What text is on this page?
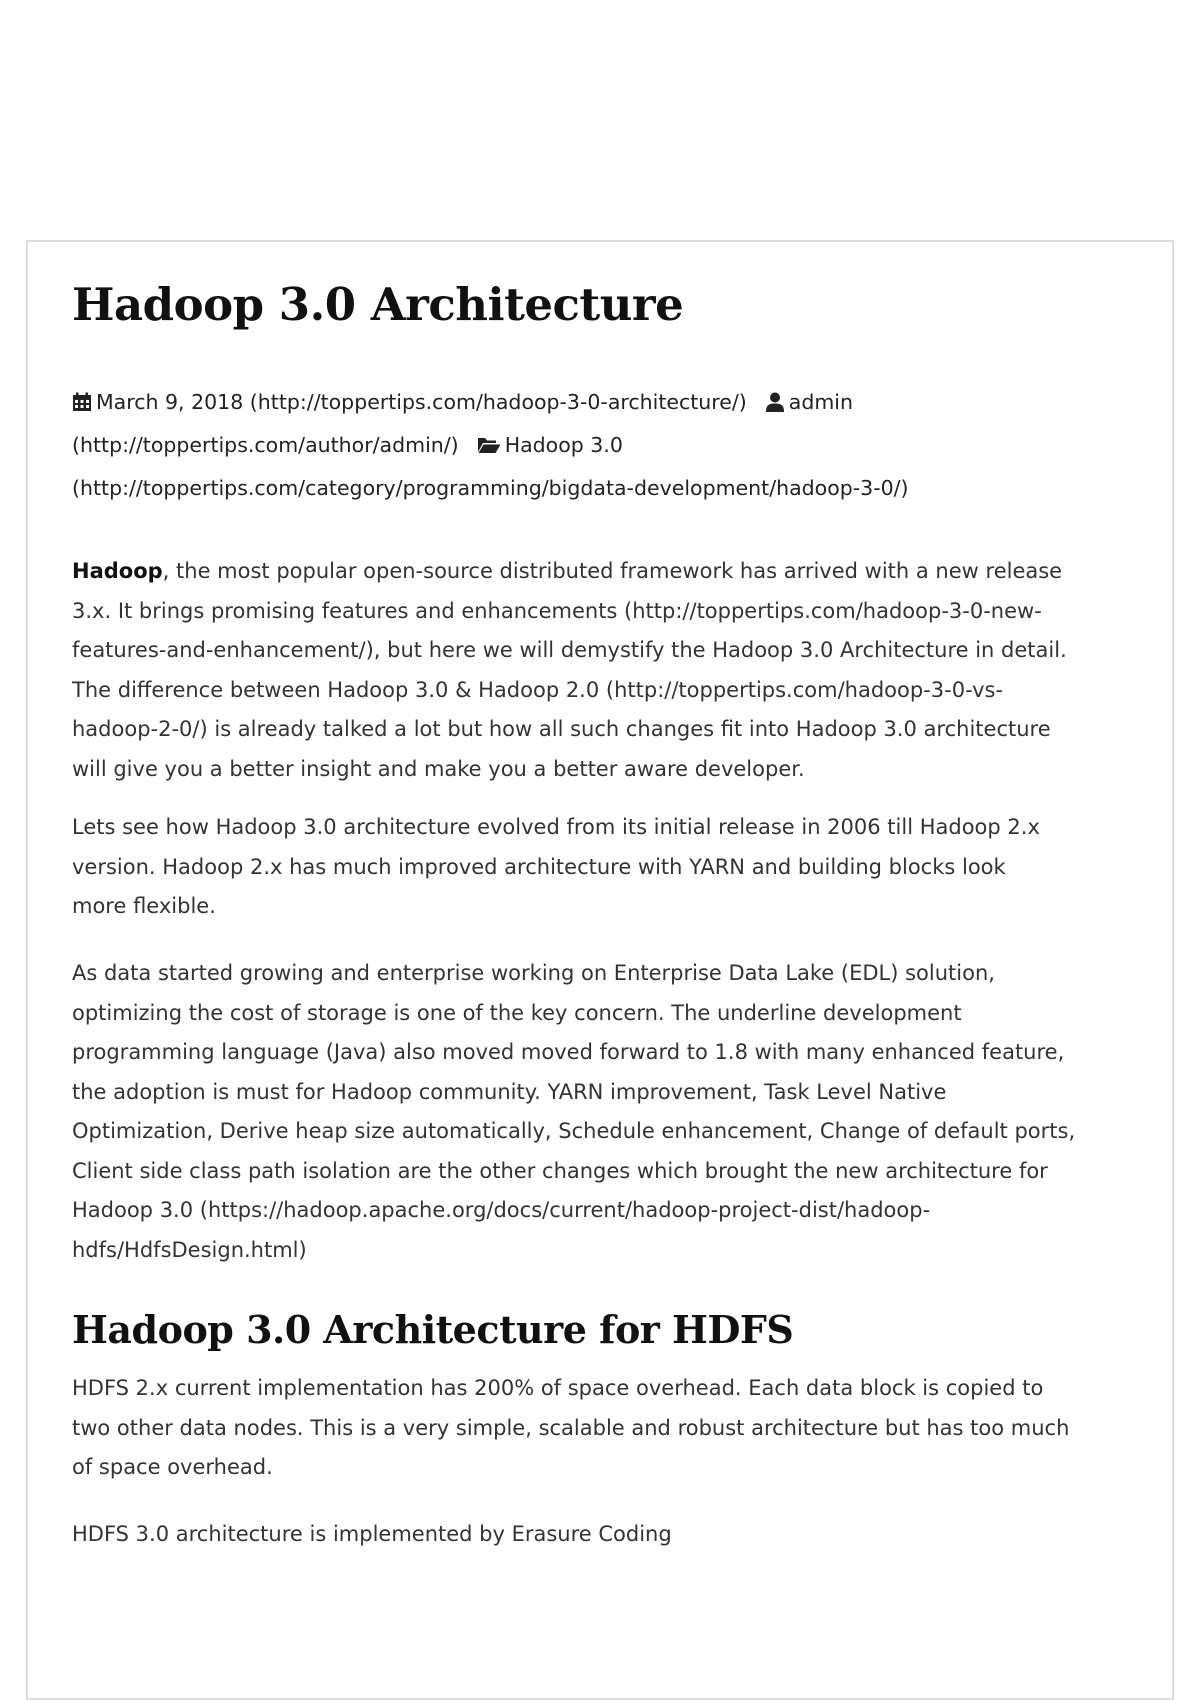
Hadoop 3.0 Architecture
March 9, 2018 (http://toppertips.com/hadoop-3-0-architecture/) admin
(http://toppertips.com/author/admin/) Hadoop 3.0
(http://toppertips.com/category/programming/bigdata-development/hadoop-3-0/)

Hadoop, the most popular open-source distributed framework has arrived with a new release
3.x. It brings promising features and enhancements (http://toppertips.com/hadoop-3-0-new-
features-and-enhancement/), but here we will demystify the Hadoop 3.0 Architecture in detail.
The difference between Hadoop 3.0 & Hadoop 2.0 (http://toppertips.com/hadoop-3-0-vs-
hadoop-2-0/) is already talked a lot but how all such changes fit into Hadoop 3.0 architecture
will give you a better insight and make you a better aware developer.

Lets see how Hadoop 3.0 architecture evolved from its initial release in 2006 till Hadoop 2.x
version. Hadoop 2.x has much improved architecture with YARN and building blocks look
more flexible.

As data started growing and enterprise working on Enterprise Data Lake (EDL) solution,
optimizing the cost of storage is one of the key concern. The underline development
programming language (Java) also moved moved forward to 1.8 with many enhanced feature,
the adoption is must for Hadoop community. YARN improvement, Task Level Native
Optimization, Derive heap size automatically, Schedule enhancement, Change of default ports,
Client side class path isolation are the other changes which brought the new architecture for
Hadoop 3.0 (https://hadoop.apache.org/docs/current/hadoop-project-dist/hadoop-
hdfs/HdfsDesign.html)

Hadoop 3.0 Architecture for HDFS

HDFS 2.x current implementation has 200% of space overhead. Each data block is copied to
two other data nodes. This is a very simple, scalable and robust architecture but has too much
of space overhead.

HDFS 3.0 architecture is implemented by Erasure Coding
